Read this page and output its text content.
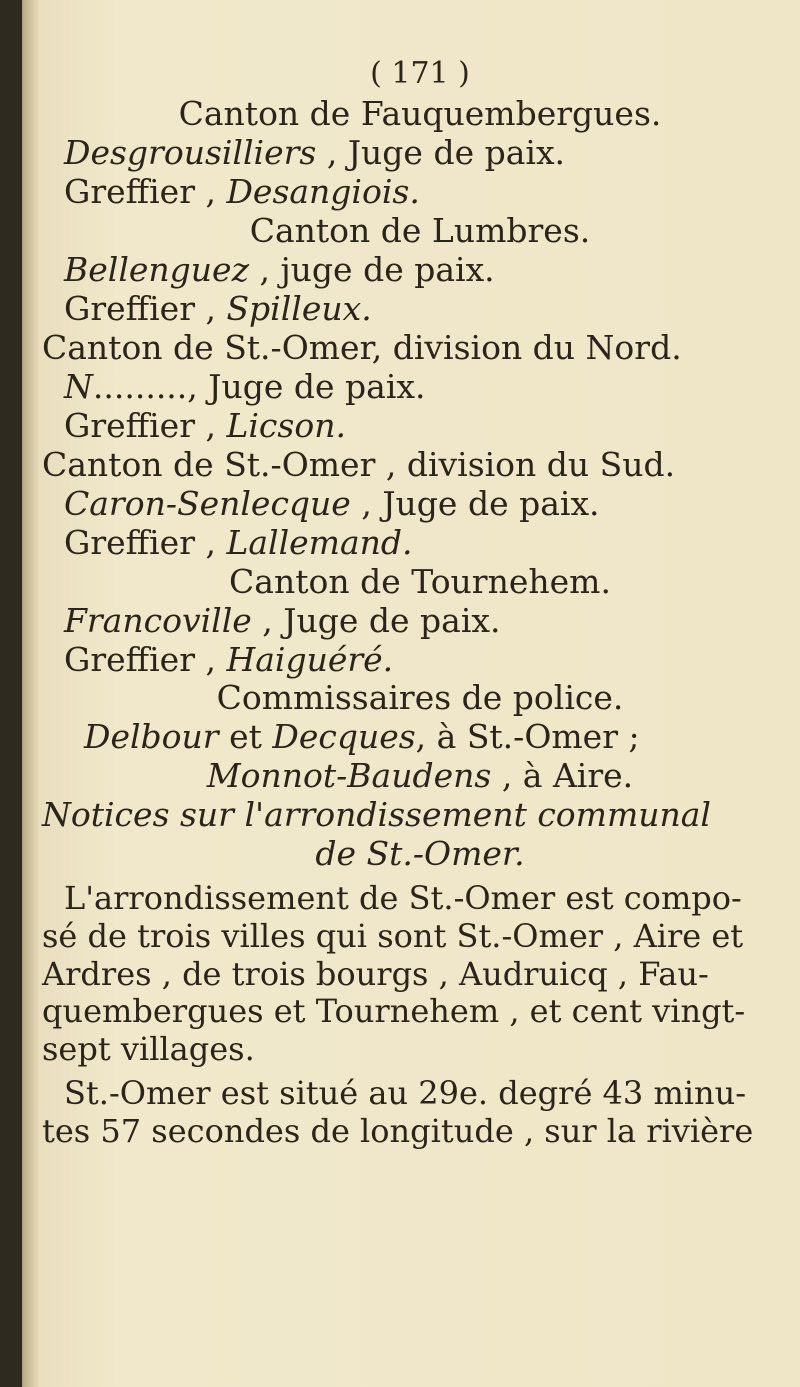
( 171 )
Canton de Fauquembergues.
Desgrousilliers , Juge de paix.
Greffier , Desangiois.
Canton de Lumbres.
Bellenguez , juge de paix.
Greffier , Spilleux.
Canton de St.-Omer, division du Nord.
N........., Juge de paix.
Greffier , Licson.
Canton de St.-Omer , division du Sud.
Caron-Senlecque , Juge de paix.
Greffier , Lallemand.
Canton de Tournehem.
Francoville , Juge de paix.
Greffier , Haiguéré.
Commissaires de police.
Delbour et Decques, à St.-Omer ;
Monnot-Baudens , à Aire.
Notices sur l'arrondissement communal
de St.-Omer.
L'arrondissement de St.-Omer est compo-
sé de trois villes qui sont St.-Omer , Aire et
Ardres , de trois bourgs , Audruicq , Fau-
quembergues et Tournehem , et cent vingt-
sept villages.
St.-Omer est situé au 29e. degré 43 minu-
tes 57 secondes de longitude , sur la rivière
